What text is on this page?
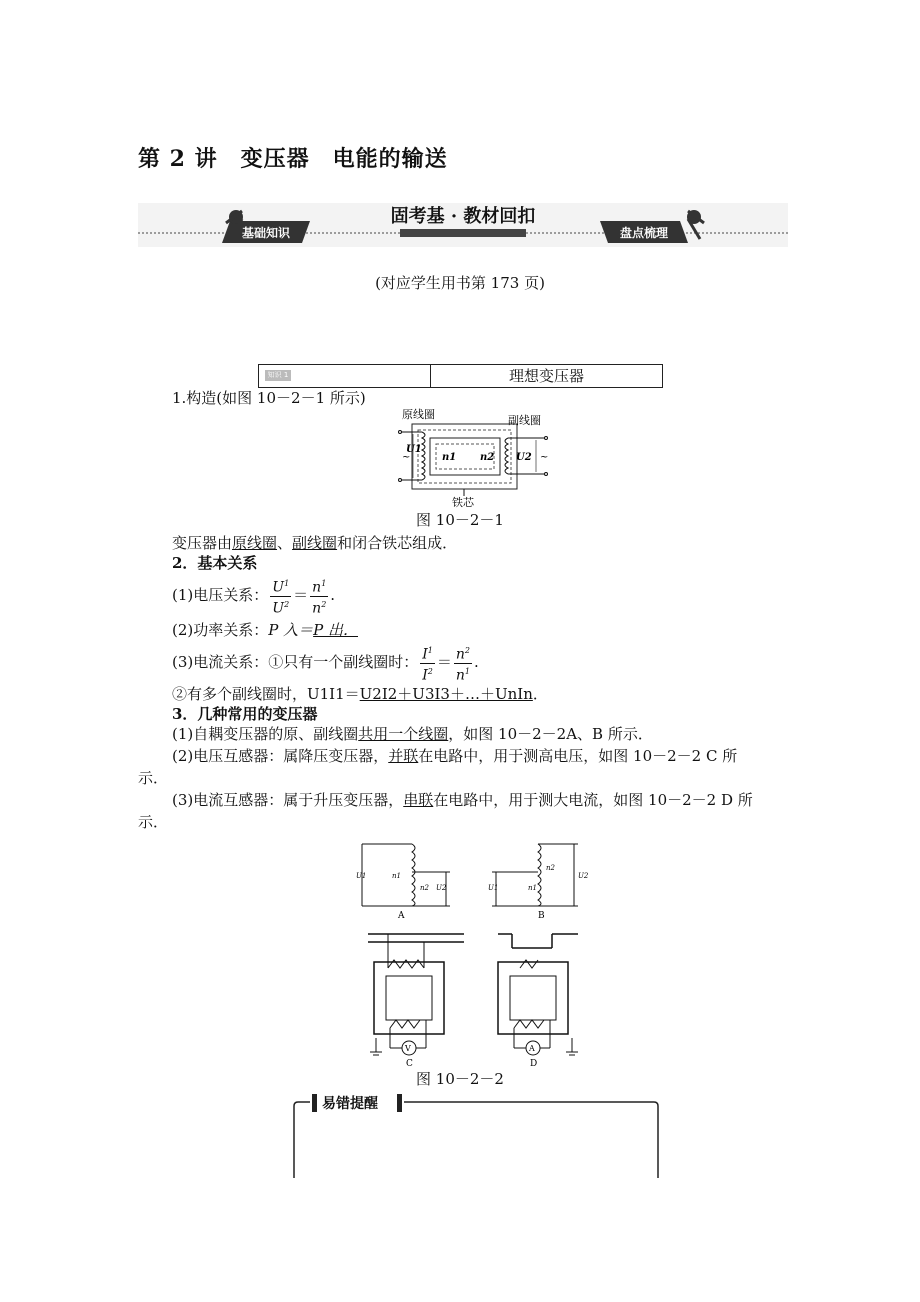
第 2 讲　变压器　电能的输送
固考基 · 教材回扣
基础知识	盘点梳理
(对应学生用书第 173 页)
知识 1	理想变压器
1.构造(如图 10－2－1 所示)
~	~
原线圈	副线圈
U1
n1 n2 U2
铁芯
图 10－2－1
变压器由原线圈、副线圈和闭合铁芯组成．
2．基本关系
(1)电压关系： $\frac{U^1}{U^2} = \frac{n^1}{n^2}$ .
(2)功率关系：P 入＝P 出．
(3)电流关系：①只有一个副线圈时： $\frac{I^1}{I^2} = \frac{n^2}{n^1}$ .
②有多个副线圈时，U1I1＝U2I2＋U3I3＋…＋UnIn．
3．几种常用的变压器
(1)自耦变压器的原、副线圈共用一个线圈，如图 10－2－2A、B 所示．
(2)电压互感器：属降压变压器，并联在电路中，用于测高电压，如图 10－2－2 C 所
示．
(3)电流互感器：属于升压变压器，串联在电路中，用于测大电流，如图 10－2－2 D 所
示．
U1	n1
n2 U2
A
U1	n1
n2
U2
B
V
C
A
D
图 10－2－2
易错提醒
